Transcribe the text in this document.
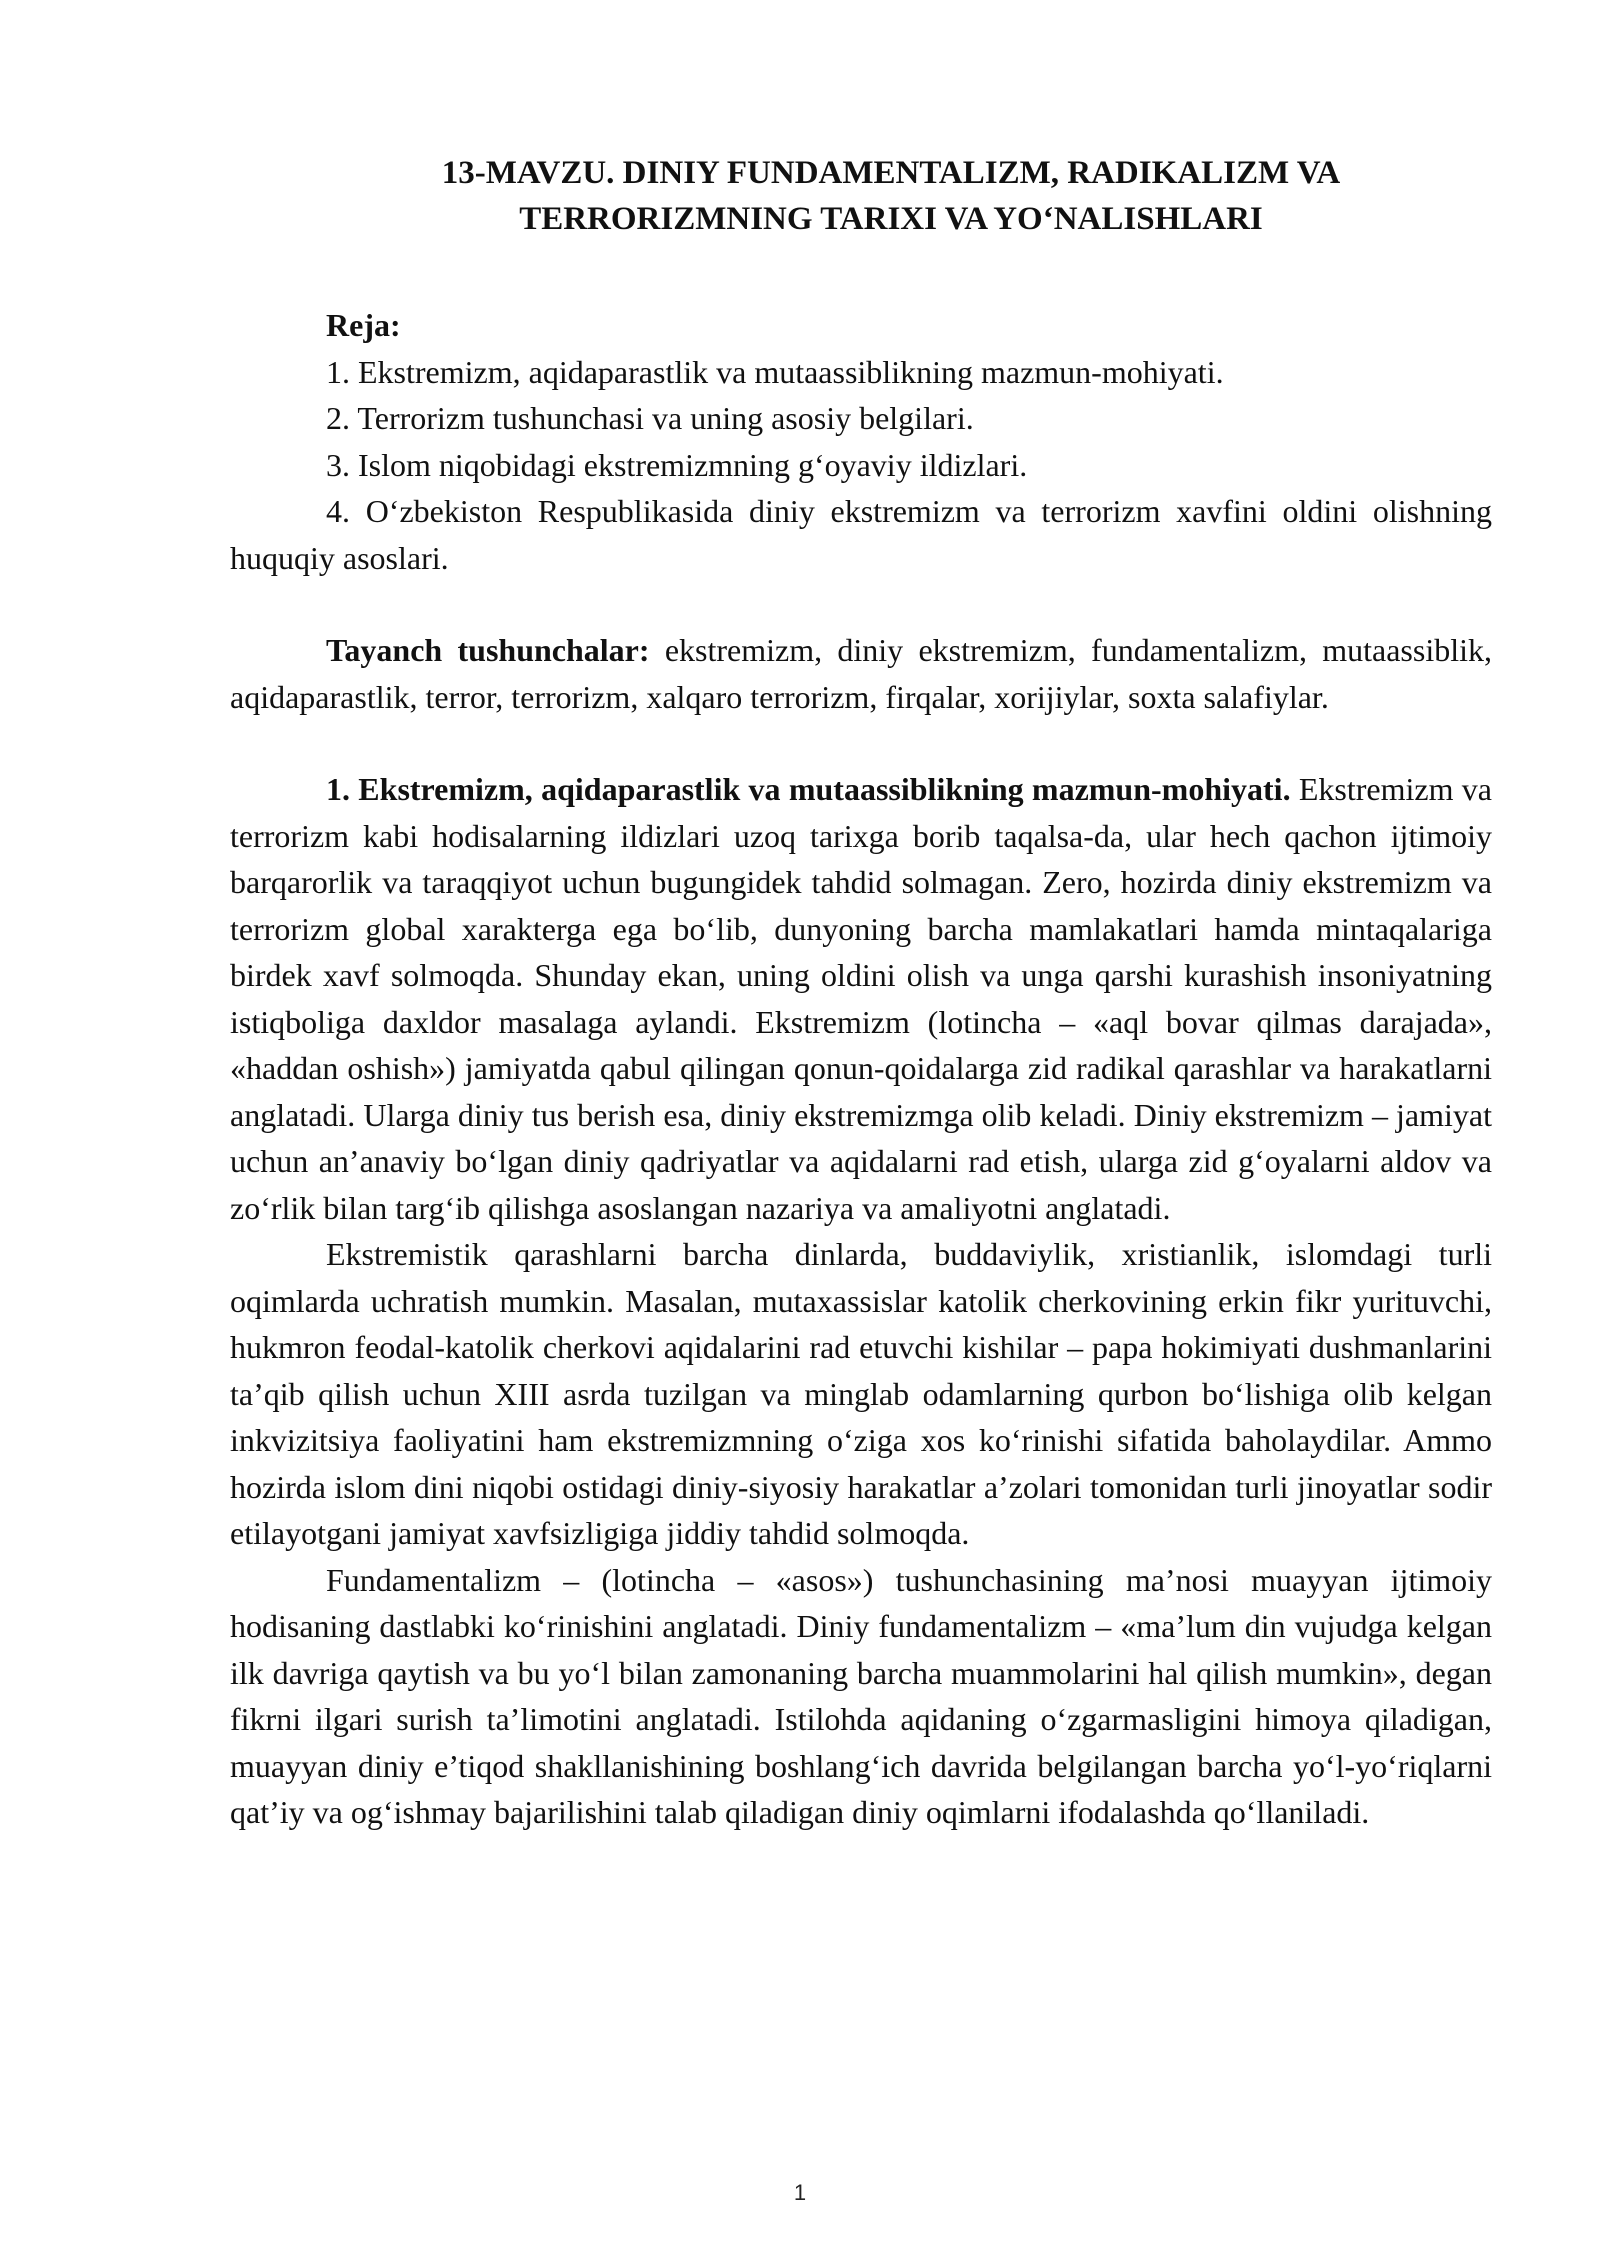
13-MAVZU. DINIY FUNDAMENTALIZM, RADIKALIZM VA
TERRORIZMNING TARIXI VA YO‘NALISHLARI
Reja:
1. Ekstremizm, aqidaparastlik va mutaassiblikning mazmun-mohiyati.
2. Terrorizm tushunchasi va uning asosiy belgilari.
3. Islom niqobidagi ekstremizmning g‘oyaviy ildizlari.
4. O‘zbekiston Respublikasida diniy ekstremizm va terrorizm xavfini oldini olishning huquqiy asoslari.

Tayanch tushunchalar: ekstremizm, diniy ekstremizm, fundamentalizm, mutaassiblik, aqidaparastlik, terror, terrorizm, xalqaro terrorizm, firqalar, xorijiylar, soxta salafiylar.

1. Ekstremizm, aqidaparastlik va mutaassiblikning mazmun-mohiyati. Ekstremizm va terrorizm kabi hodisalarning ildizlari uzoq tarixga borib taqalsa-da, ular hech qachon ijtimoiy barqarorlik va taraqqiyot uchun bugungidek tahdid solmagan. Zero, hozirda diniy ekstremizm va terrorizm global xarakterga ega bo‘lib, dunyoning barcha mamlakatlari hamda mintaqalariga birdek xavf solmoqda. Shunday ekan, uning oldini olish va unga qarshi kurashish insoniyatning istiqboliga daxldor masalaga aylandi. Ekstremizm (lotincha – «aql bovar qilmas darajada», «haddan oshish») jamiyatda qabul qilingan qonun-qoidalarga zid radikal qarashlar va harakatlarni anglatadi. Ularga diniy tus berish esa, diniy ekstremizmga olib keladi. Diniy ekstremizm – jamiyat uchun an’anaviy bo‘lgan diniy qadriyatlar va aqidalarni rad etish, ularga zid g‘oyalarni aldov va zo‘rlik bilan targ‘ib qilishga asoslangan nazariya va amaliyotni anglatadi.

Ekstremistik qarashlarni barcha dinlarda, buddaviylik, xristianlik, islomdagi turli oqimlarda uchratish mumkin. Masalan, mutaxassislar katolik cherkovining erkin fikr yurituvchi, hukmron feodal-katolik cherkovi aqidalarini rad etuvchi kishilar – papa hokimiyati dushmanlarini ta’qib qilish uchun XIII asrda tuzilgan va minglab odamlarning qurbon bo‘lishiga olib kelgan inkvizitsiya faoliyatini ham ekstremizmning o‘ziga xos ko‘rinishi sifatida baholaydilar. Ammo hozirda islom dini niqobi ostidagi diniy-siyosiy harakatlar a’zolari tomonidan turli jinoyatlar sodir etilayotgani jamiyat xavfsizligiga jiddiy tahdid solmoqda.

Fundamentalizm – (lotincha – «asos») tushunchasining ma’nosi muayyan ijtimoiy hodisaning dastlabki ko‘rinishini anglatadi. Diniy fundamentalizm – «ma’lum din vujudga kelgan ilk davriga qaytish va bu yo‘l bilan zamonaning barcha muammolarini hal qilish mumkin», degan fikrni ilgari surish ta’limotini anglatadi. Istilohda aqidaning o‘zgarmasligini himoya qiladigan, muayyan diniy e’tiqod shakllanishining boshlang‘ich davrida belgilangan barcha yo‘l-yo‘riqlarni qat’iy va og‘ishmay bajarilishini talab qiladigan diniy oqimlarni ifodalashda qo‘llaniladi.

1
